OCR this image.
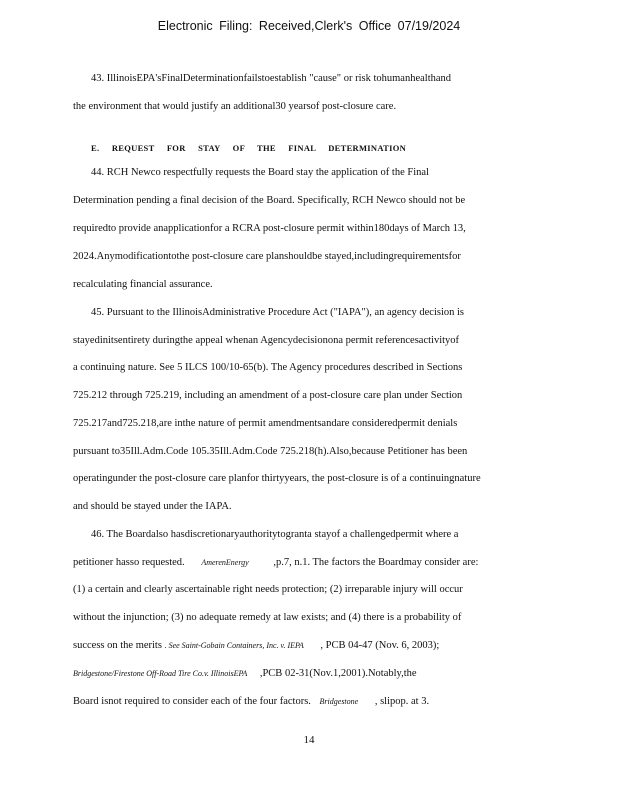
Electronic Filing: Received,Clerk's Office 07/19/2024
43. IllinoisEPA'sFinalDeterminationfailstoestablish "cause" or risk tohumanhealthand
the environment that would justify an additional30 yearsof post-closure care.
E. REQUEST FOR STAY OF THE FINAL DETERMINATION
44. RCH Newco respectfully requests the Board stay the application of the Final
Determination pending a final decision of the Board. Specifically, RCH Newco should not be
requiredto provide anapplicationfor a RCRA post-closure permit within180days of March 13,
2024.Anymodificationtothe post-closure care planshouldbe stayed,includingrequirementsfor
recalculating financial assurance.
45. Pursuant to the IllinoisAdministrative Procedure Act ("IAPA"), an agency decision is
stayedinitsentirety duringthe appeal whenan Agencydecisionona permit referencesactivityof
a continuing nature. See 5 ILCS 100/10-65(b). The Agency procedures described in Sections
725.212 through 725.219, including an amendment of a post-closure care plan under Section
725.217and725.218,are inthe nature of permit amendmentsandare consideredpermit denials
pursuant to35Ill.Adm.Code 105.35Ill.Adm.Code 725.218(h).Also,because Petitioner has been
operatingunder the post-closure care planfor thirtyyears, the post-closure is of a continuingnature
and should be stayed under the IAPA.
46. The Boardalso hasdiscretionaryauthoritytogranta stayof a challengedpermit where a
petitioner hasso requested. AmerenEnergy ,p.7, n.1. The factors the Boardmay consider are:
(1) a certain and clearly ascertainable right needs protection; (2) irreparable injury will occur
without the injunction; (3) no adequate remedy at law exists; and (4) there is a probability of
success on the merits . See Saint-Gobain Containers, Inc. v. IEPA , PCB 04-47 (Nov. 6, 2003);
Bridgestone/Firestone Off-Road Tire Co.v. IllinoisEPA ,PCB 02-31(Nov.1,2001).Notably,the
Board isnot required to consider each of the four factors. Bridgestone , slipop. at 3.
14
